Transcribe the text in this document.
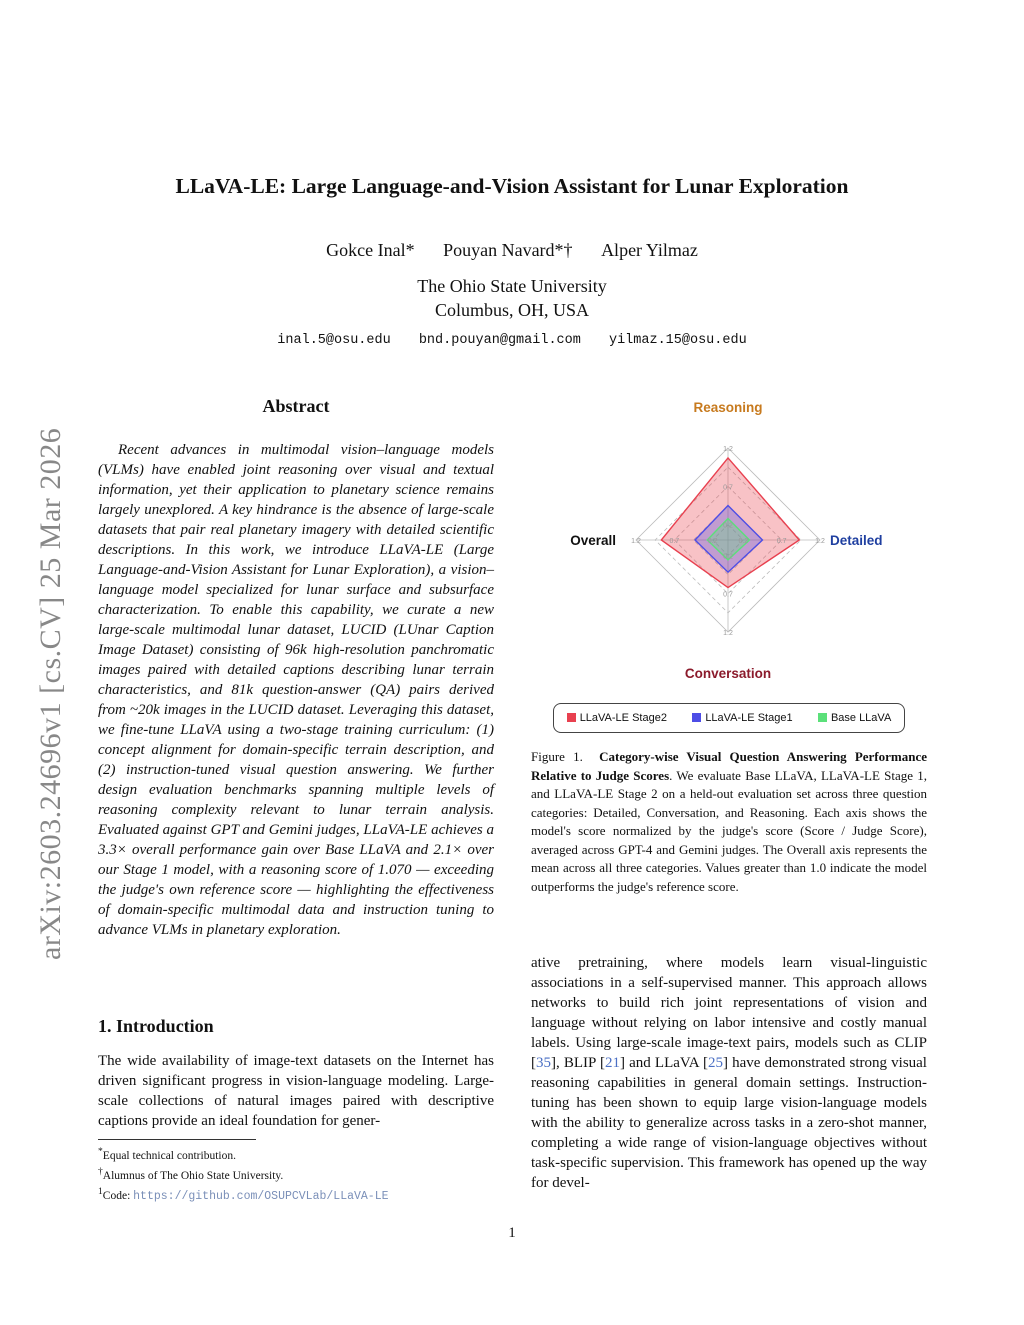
LLaVA-LE: Large Language-and-Vision Assistant for Lunar Exploration
Gokce Inal* Pouyan Navard*† Alper Yilmaz
The Ohio State University
Columbus, OH, USA
inal.5@osu.edu bnd.pouyan@gmail.com yilmaz.15@osu.edu
arXiv:2603.24696v1 [cs.CV] 25 Mar 2026
Abstract
Recent advances in multimodal vision–language models (VLMs) have enabled joint reasoning over visual and textual information, yet their application to planetary science remains largely unexplored. A key hindrance is the absence of large-scale datasets that pair real planetary imagery with detailed scientific descriptions. In this work, we introduce LLaVA-LE (Large Language-and-Vision Assistant for Lunar Exploration), a vision–language model specialized for lunar surface and subsurface characterization. To enable this capability, we curate a new large-scale multimodal lunar dataset, LUCID (LUnar Caption Image Dataset) consisting of 96k high-resolution panchromatic images paired with detailed captions describing lunar terrain characteristics, and 81k question-answer (QA) pairs derived from ~20k images in the LUCID dataset. Leveraging this dataset, we fine-tune LLaVA using a two-stage training curriculum: (1) concept alignment for domain-specific terrain description, and (2) instruction-tuned visual question answering. We further design evaluation benchmarks spanning multiple levels of reasoning complexity relevant to lunar terrain analysis. Evaluated against GPT and Gemini judges, LLaVA-LE achieves a 3.3× overall performance gain over Base LLaVA and 2.1× over our Stage 1 model, with a reasoning score of 1.070 — exceeding the judge's own reference score — highlighting the effectiveness of domain-specific multimodal data and instruction tuning to advance VLMs in planetary exploration.
1. Introduction
The wide availability of image-text datasets on the Internet has driven significant progress in vision-language modeling. Large-scale collections of natural images paired with descriptive captions provide an ideal foundation for gener-
*Equal technical contribution.
†Alumnus of The Ohio State University.
$^1$Code: https://github.com/OSUPCVLab/LLaVA-LE
0.2
0.2
0.2
0.2
0.7
0.7
0.7
0.7
1.2
1.2
1.2
1.2
Reasoning
Detailed
Conversation
Overall
LLaVA-LE Stage2	LLaVA-LE Stage1	Base LLaVA
Figure 1. Category-wise Visual Question Answering Performance Relative to Judge Scores. We evaluate Base LLaVA, LLaVA-LE Stage 1, and LLaVA-LE Stage 2 on a held-out evaluation set across three question categories: Detailed, Conversation, and Reasoning. Each axis shows the model's score normalized by the judge's score (Score / Judge Score), averaged across GPT-4 and Gemini judges. The Overall axis represents the mean across all three categories. Values greater than 1.0 indicate the model outperforms the judge's reference score.
ative pretraining, where models learn visual-linguistic associations in a self-supervised manner. This approach allows networks to build rich joint representations of vision and language without relying on labor intensive and costly manual labels. Using large-scale image-text pairs, models such as CLIP [35], BLIP [21] and LLaVA [25] have demonstrated strong visual reasoning capabilities in general domain settings. Instruction-tuning has been shown to equip large vision-language models with the ability to generalize across tasks in a zero-shot manner, completing a wide range of vision-language objectives without task-specific supervision. This framework has opened up the way for devel-
1
